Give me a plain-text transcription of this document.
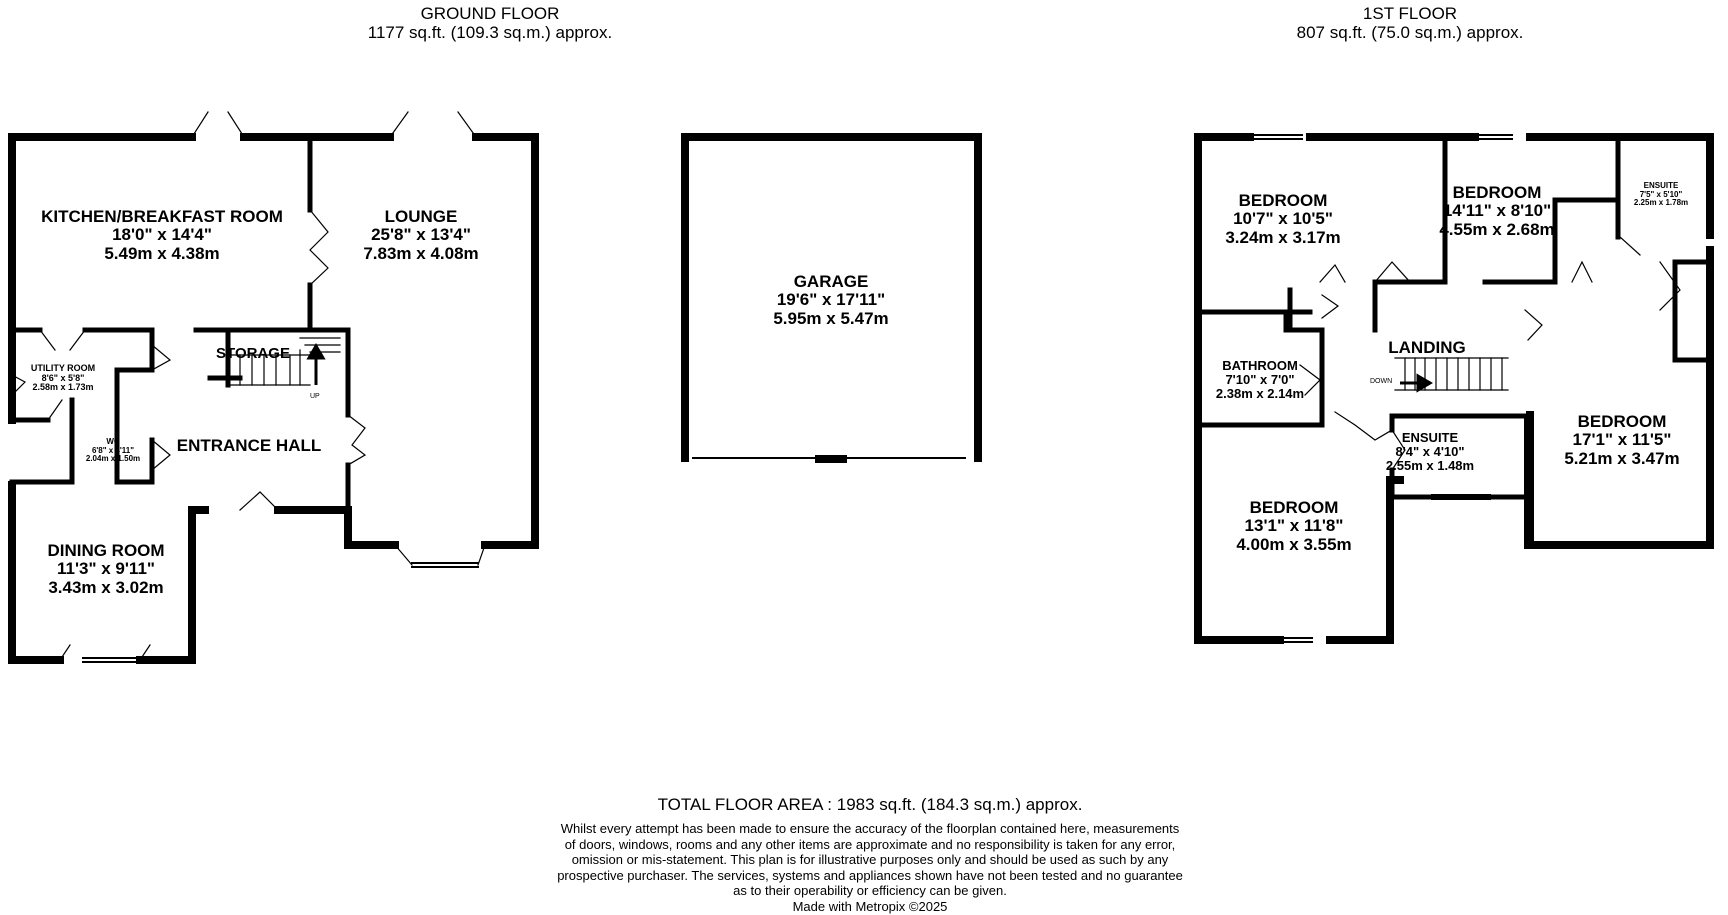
GROUND FLOOR
1177 sq.ft. (109.3 sq.m.) approx.
1ST FLOOR
807 sq.ft. (75.0 sq.m.) approx.
KITCHEN/BREAKFAST ROOM
18'0" x 14'4"
5.49m x 4.38m
LOUNGE
25'8" x 13'4"
7.83m x 4.08m
STORAGE
UTILITY ROOM
8'6" x 5'8"
2.58m x 1.73m
WC
6'8" x 4'11"
2.04m x 1.50m
ENTRANCE HALL
DINING ROOM
11'3" x 9'11"
3.43m x 3.02m
UP
GARAGE
19'6" x 17'11"
5.95m x 5.47m
BEDROOM
10'7" x 10'5"
3.24m x 3.17m
BEDROOM
14'11" x 8'10"
4.55m x 2.68m
ENSUITE
7'5" x 5'10"
2.25m x 1.78m
BATHROOM
7'10" x 7'0"
2.38m x 2.14m
LANDING
DOWN
ENSUITE
8'4" x 4'10"
2.55m x 1.48m
BEDROOM
17'1" x 11'5"
5.21m x 3.47m
BEDROOM
13'1" x 11'8"
4.00m x 3.55m
TOTAL FLOOR AREA : 1983 sq.ft. (184.3 sq.m.) approx.
Whilst every attempt has been made to ensure the accuracy of the floorplan contained here, measurements
of doors, windows, rooms and any other items are approximate and no responsibility is taken for any error,
omission or mis-statement. This plan is for illustrative purposes only and should be used as such by any
prospective purchaser. The services, systems and appliances shown have not been tested and no guarantee
as to their operability or efficiency can be given.
Made with Metropix ©2025
